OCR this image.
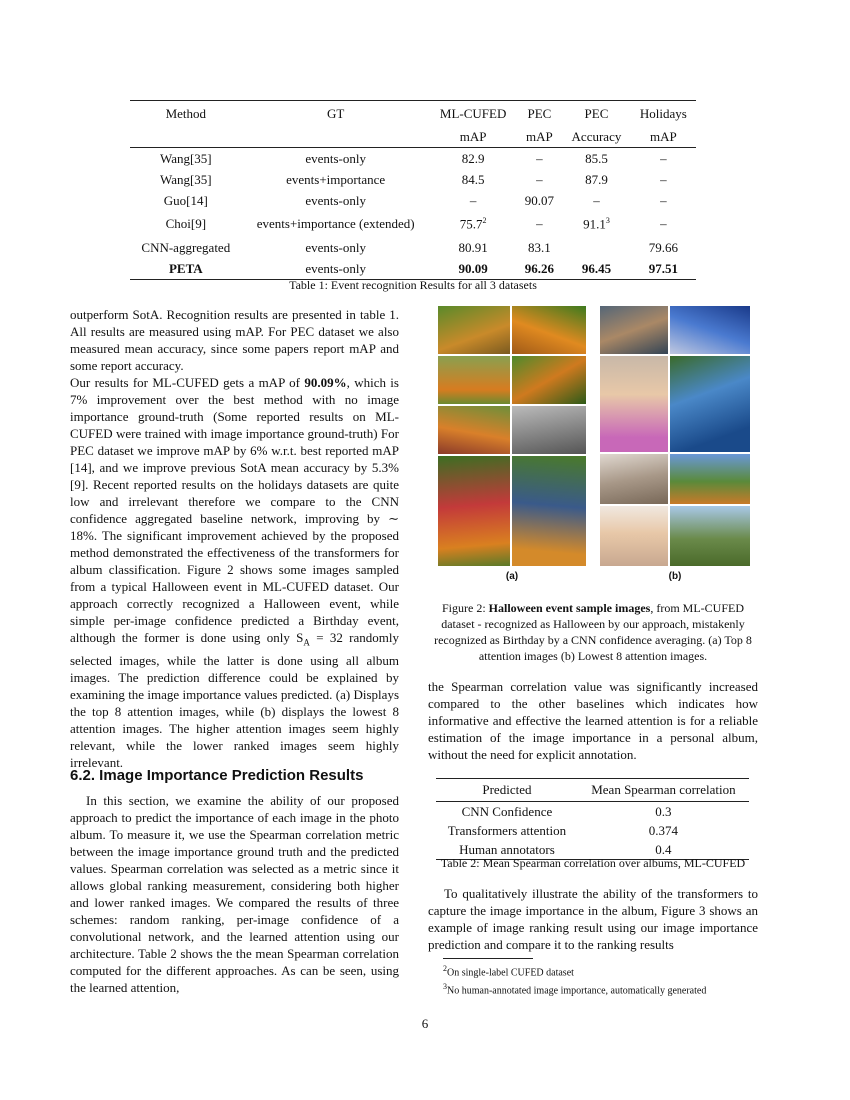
Method	GT	ML-CUFED	PEC	PEC	Holidays
		mAP	mAP	Accuracy	mAP
Wang[35]	events-only	82.9	–	85.5	–
Wang[35]	events+importance	84.5	–	87.9	–
Guo[14]	events-only	–	90.07	–	–
Choi[9]	events+importance (extended)	75.7$^2$	–	91.1$^3$	–
CNN-aggregated	events-only	80.91	83.1		79.66
PETA	events-only	90.09	96.26	96.45	97.51
Table 1: Event recognition Results for all 3 datasets

outperform SotA. Recognition results are presented in table 1. All results are measured using mAP. For PEC dataset we also measured mean accuracy, since some papers report mAP and some report accuracy.

Our results for ML-CUFED gets a mAP of 90.09%, which is 7% improvement over the best method with no image importance ground-truth (Some reported results on ML-CUFED were trained with image importance ground-truth) For PEC dataset we improve mAP by 6% w.r.t. best reported mAP [14], and we improve previous SotA mean accuracy by 5.3% [9]. Recent reported results on the holidays datasets are quite low and irrelevant therefore we compare to the CNN confidence aggregated baseline network, improving by ∼ 18%. The significant improvement achieved by the proposed method demonstrated the effectiveness of the transformers for album classification. Figure 2 shows some images sampled from a typical Halloween event in ML-CUFED dataset. Our approach correctly recognized a Halloween event, while simple per-image confidence predicted a Birthday event, although the former is done using only $S_A = 32$ randomly selected images, while the latter is done using all album images. The prediction difference could be explained by examining the image importance values predicted. (a) Displays the top 8 attention images, while (b) displays the lowest 8 attention images. The higher attention images seem highly relevant, while the lower ranked images seem highly irrelevant.

6.2. Image Importance Prediction Results

In this section, we examine the ability of our proposed approach to predict the importance of each image in the photo album. To measure it, we use the Spearman correlation metric between the image importance ground truth and the predicted values. Spearman correlation was selected as a metric since it allows global ranking measurement, considering both higher and lower ranked images. We compared the results of three schemes: random ranking, per-image confidence of a convolutional network, and the learned attention using our architecture. Table 2 shows the the mean Spearman correlation computed for the different approaches. As can be seen, using the learned attention,

(a)	(b)
Figure 2: Halloween event sample images, from ML-CUFED dataset - recognized as Halloween by our approach, mistakenly recognized as Birthday by a CNN confidence averaging. (a) Top 8 attention images (b) Lowest 8 attention images.

the Spearman correlation value was significantly increased compared to the other baselines which indicates how informative and effective the learned attention is for a reliable estimation of the image importance in a personal album, without the need for explicit annotation.

Predicted	Mean Spearman correlation
CNN Confidence	0.3
Transformers attention	0.374
Human annotators	0.4
Table 2: Mean Spearman correlation over albums, ML-CUFED

To qualitatively illustrate the ability of the transformers to capture the image importance in the album, Figure 3 shows an example of image ranking result using our image importance prediction and compare it to the ranking results

$^2$On single-label CUFED dataset
$^3$No human-annotated image importance, automatically generated
6
